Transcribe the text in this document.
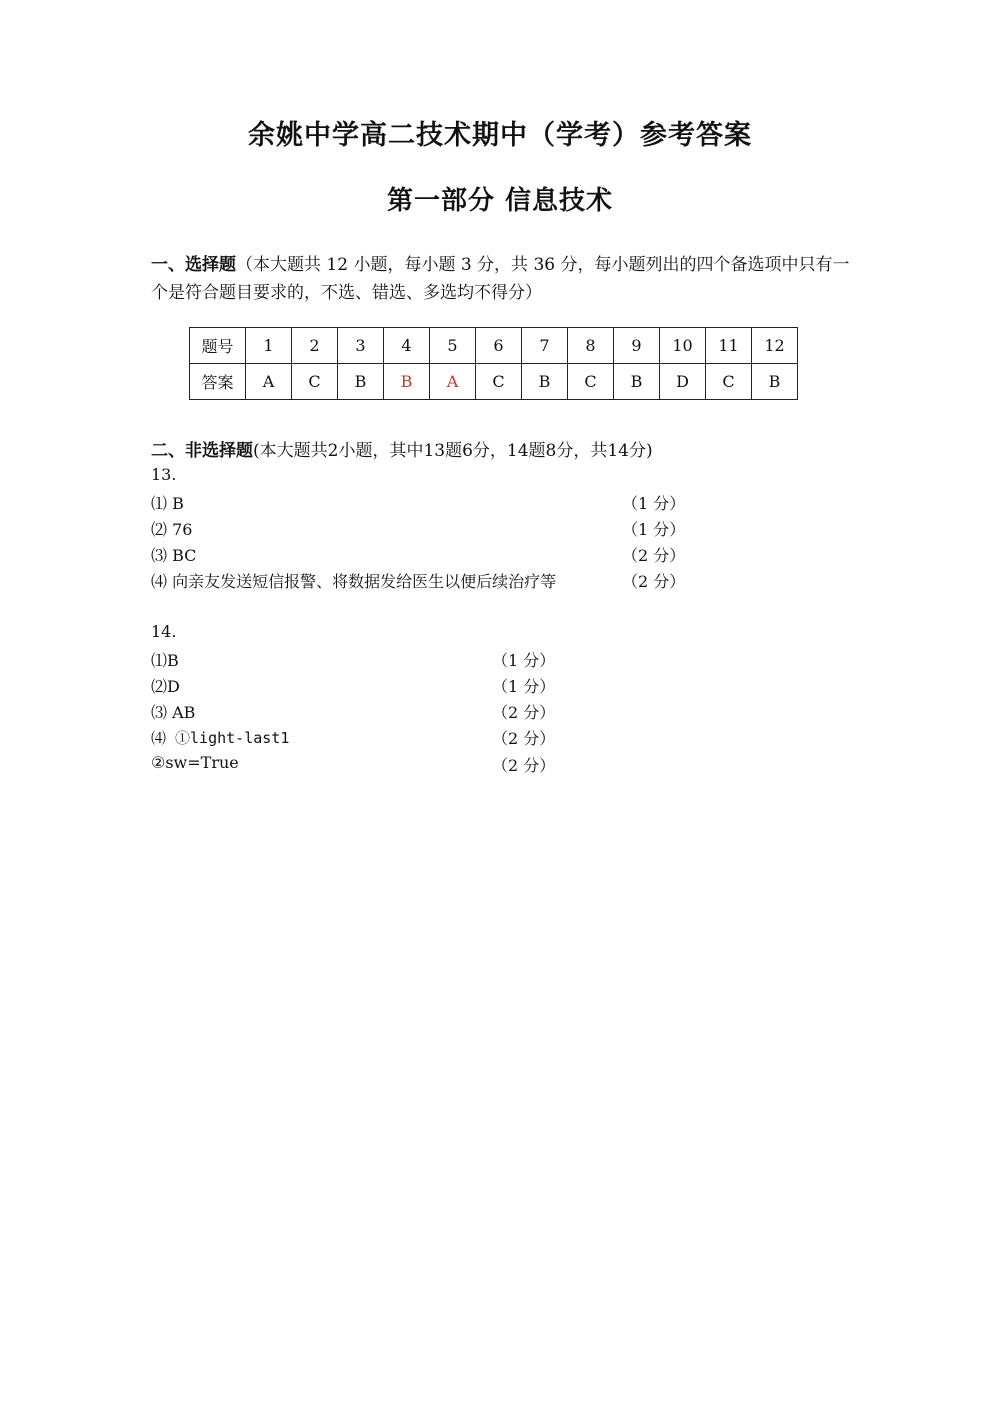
余姚中学高二技术期中（学考）参考答案
第一部分 信息技术
一、选择题（本大题共 12 小题，每小题 3 分，共 36 分，每小题列出的四个备选项中只有一个是符合题目要求的，不选、错选、多选均不得分）
题号	1	2	3	4	5	6	7	8	9	10	11	12
答案	A	C	B	B	A	C	B	C	B	D	C	B
二、非选择题(本大题共2小题，其中13题6分，14题8分，共14分)
13.
⑴ B	（1 分）
⑵ 76	（1 分）
⑶ BC	（2 分）
⑷ 向亲友发送短信报警、将数据发给医生以便后续治疗等	（2 分）
14.
⑴B	（1 分）
⑵D	（1 分）
⑶ AB	（2 分）
⑷ ①light-last1	（2 分）
②sw=True	（2 分）
